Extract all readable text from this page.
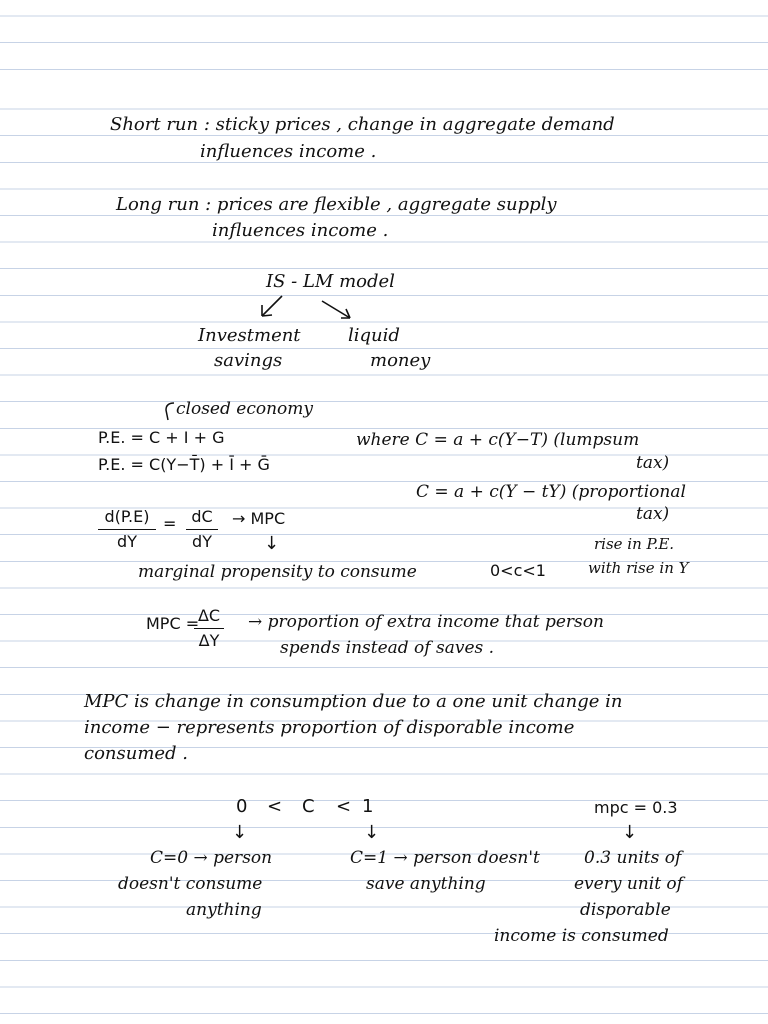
Short run : sticky prices , change in aggregate demand
influences income .
Long run : prices are flexible , aggregate supply
influences income .
IS - LM model
Investment
savings
liquid
money
closed economy
P.E. = C + I + G
P.E. = C(Y−T̄) + Ī + Ḡ
where C = a + c(Y−T) (lumpsum
tax)
C = a + c(Y − tY) (proportional
tax)
d(P.E)
dY
= dC
dY
→ MPC
↓	rise in P.E.
with rise in Y
marginal propensity to consume	0<c<1
MPC =
ΔC
ΔY
→ proportion of extra income that person
spends instead of saves .
MPC is change in consumption due to a one unit change in
income − represents proportion of disporable income
consumed .
0 < C < 1	mpc = 0.3
↓	↓	↓
C=0 → person
doesn't consume
anything
C=1 → person doesn't
save anything
0.3 units of
every unit of
disporable
income is consumed
